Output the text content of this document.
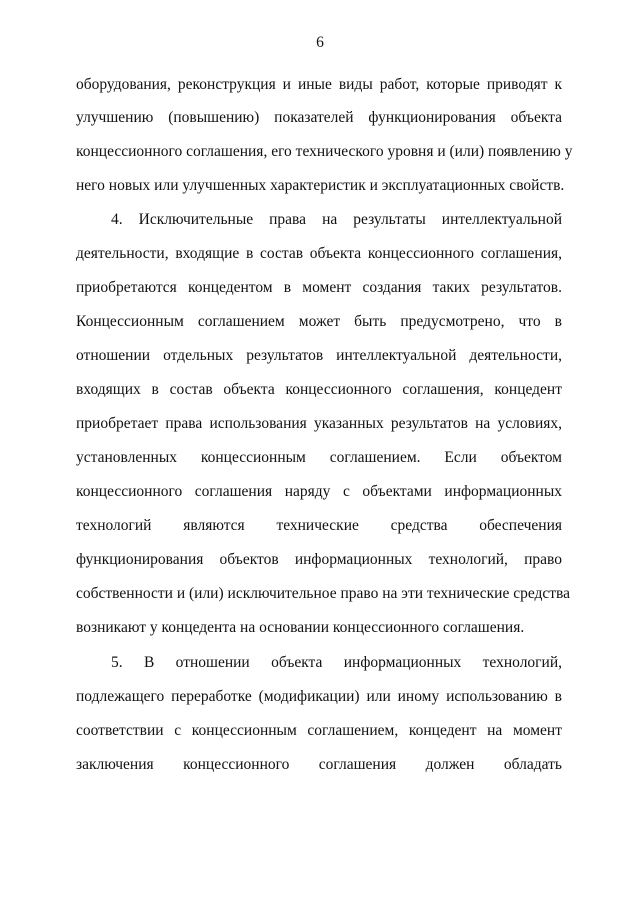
6
оборудования, реконструкция и иные виды работ, которые приводят к
улучшению (повышению) показателей функционирования объекта
концессионного соглашения, его технического уровня и (или) появлению у
него новых или улучшенных характеристик и эксплуатационных свойств.
4. Исключительные права на результаты интеллектуальной
деятельности, входящие в состав объекта концессионного соглашения,
приобретаются концедентом в момент создания таких результатов.
Концессионным соглашением может быть предусмотрено, что в
отношении отдельных результатов интеллектуальной деятельности,
входящих в состав объекта концессионного соглашения, концедент
приобретает права использования указанных результатов на условиях,
установленных концессионным соглашением. Если объектом
концессионного соглашения наряду с объектами информационных
технологий являются технические средства обеспечения
функционирования объектов информационных технологий, право
собственности и (или) исключительное право на эти технические средства
возникают у концедента на основании концессионного соглашения.
5. В отношении объекта информационных технологий,
подлежащего переработке (модификации) или иному использованию в
соответствии с концессионным соглашением, концедент на момент
заключения концессионного соглашения должен обладать
